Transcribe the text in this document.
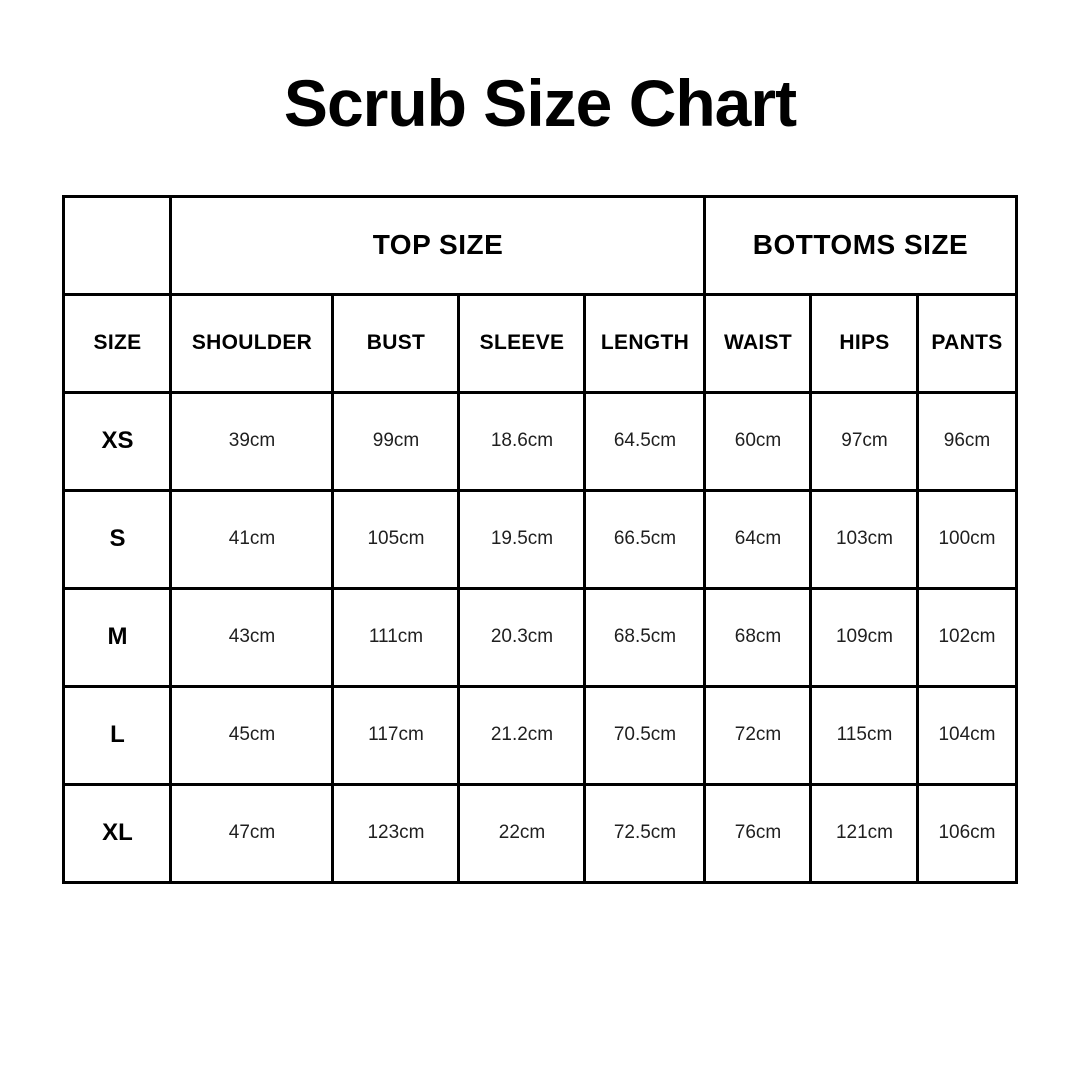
Scrub Size Chart
	TOP SIZE				BOTTOMS SIZE		
SIZE	SHOULDER	BUST	SLEEVE	LENGTH	WAIST	HIPS	PANTS
XS	39cm	99cm	18.6cm	64.5cm	60cm	97cm	96cm
S	41cm	105cm	19.5cm	66.5cm	64cm	103cm	100cm
M	43cm	111cm	20.3cm	68.5cm	68cm	109cm	102cm
L	45cm	117cm	21.2cm	70.5cm	72cm	115cm	104cm
XL	47cm	123cm	22cm	72.5cm	76cm	121cm	106cm
